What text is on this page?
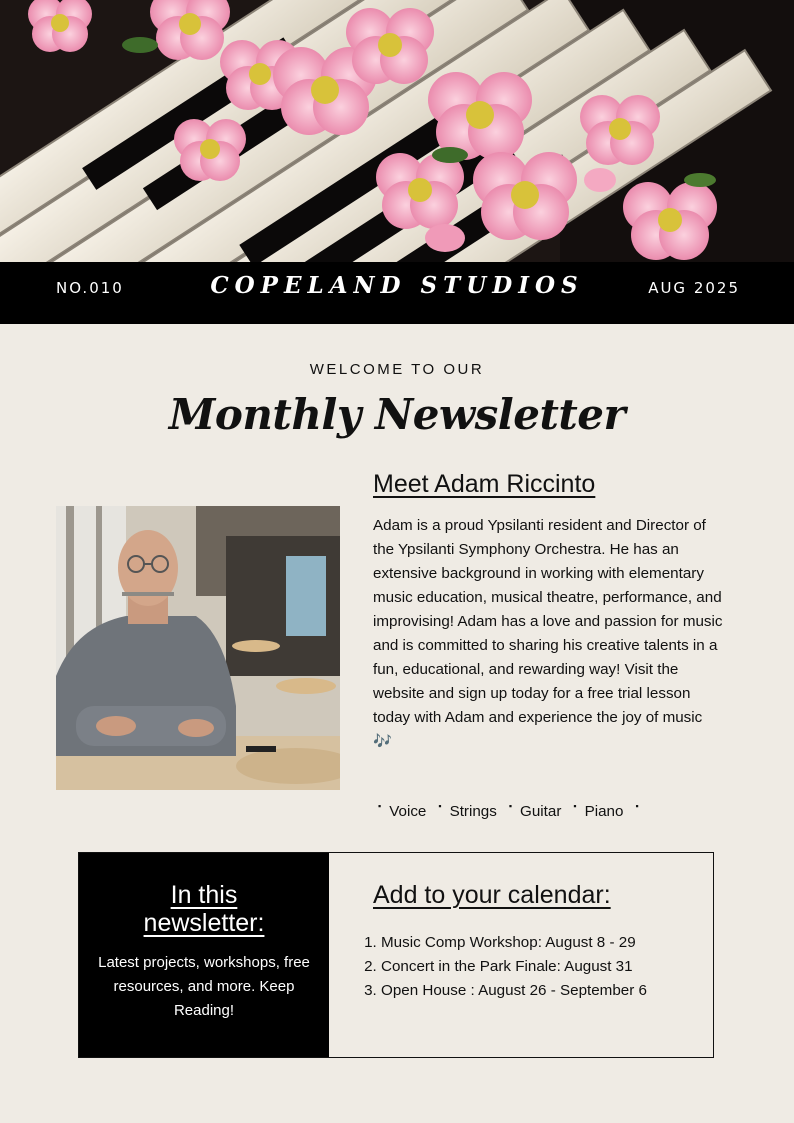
NO.010	COPELAND STUDIOS	AUG 2025
WELCOME TO OUR
Monthly Newsletter
Meet Adam Riccinto
Adam is a proud Ypsilanti resident and Director of the Ypsilanti Symphony Orchestra. He has an extensive background in working with elementary music education, musical theatre, performance, and improvising! Adam has a love and passion for music and is committed to sharing his creative talents in a fun, educational, and rewarding way! Visit the website and sign up today for a free trial lesson today with Adam and experience the joy of music 🎶
▪ Voice ▪ Strings ▪ Guitar ▪ Piano ▪
In this newsletter:
Latest projects, workshops, free resources, and more. Keep Reading!
Add to your calendar:
1. Music Comp Workshop: August 8 - 29
2. Concert in the Park Finale: August 31
3. Open House : August 26 - September 6
